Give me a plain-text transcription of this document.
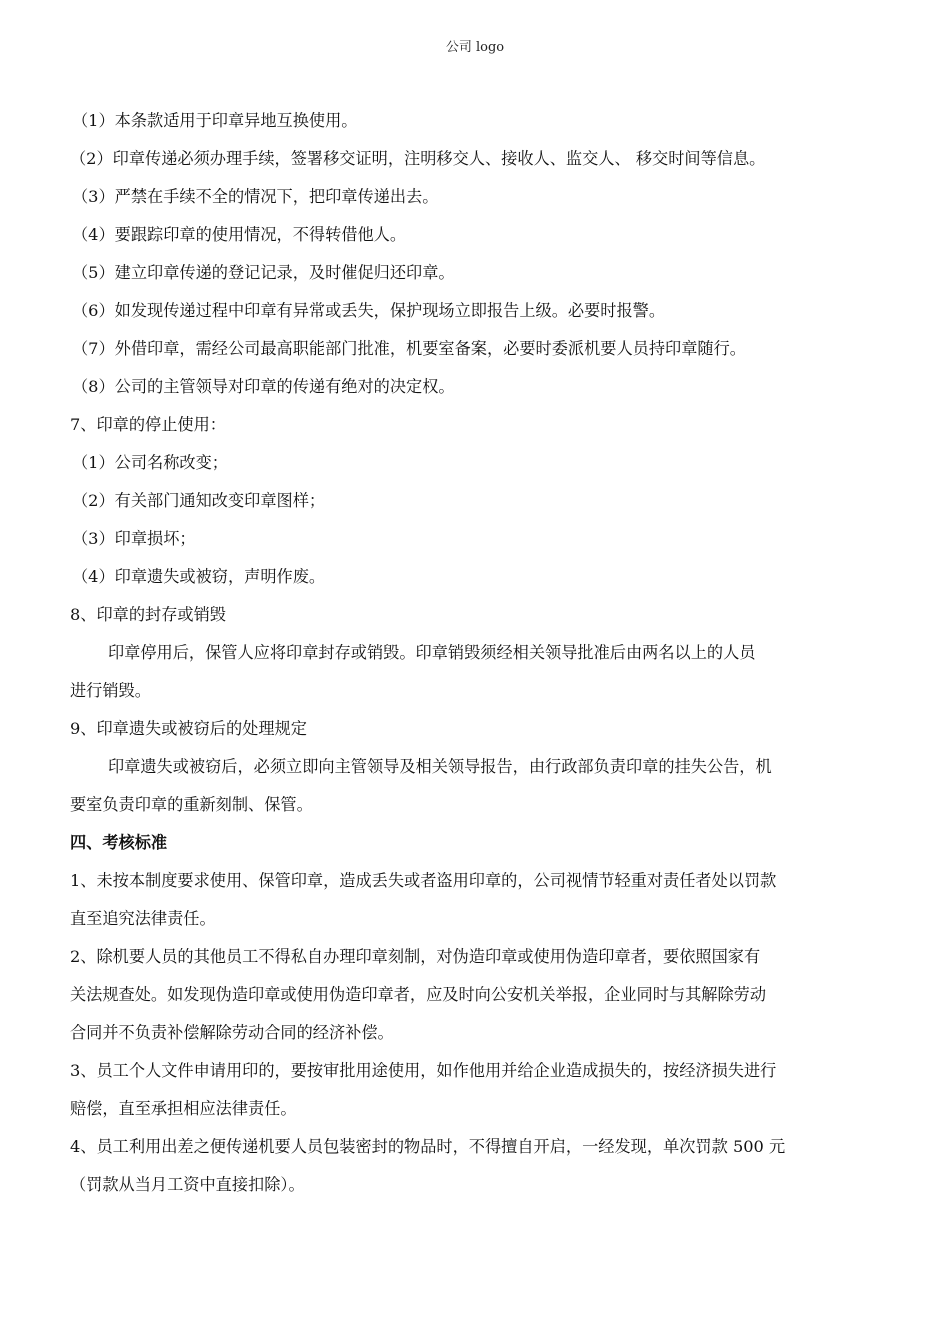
公司 logo
（1）本条款适用于印章异地互换使用。
（2）印章传递必须办理手续，签署移交证明，注明移交人、接收人、监交人、 移交时间等信息。
（3）严禁在手续不全的情况下，把印章传递出去。
（4）要跟踪印章的使用情况，不得转借他人。
（5）建立印章传递的登记记录，及时催促归还印章。
（6）如发现传递过程中印章有异常或丢失，保护现场立即报告上级。必要时报警。
（7）外借印章，需经公司最高职能部门批准，机要室备案，必要时委派机要人员持印章随行。
（8）公司的主管领导对印章的传递有绝对的决定权。
7、印章的停止使用：
（1）公司名称改变；
（2）有关部门通知改变印章图样；
（3）印章损坏；
（4）印章遗失或被窃，声明作废。
8、印章的封存或销毁
印章停用后，保管人应将印章封存或销毁。印章销毁须经相关领导批准后由两名以上的人员
进行销毁。
9、印章遗失或被窃后的处理规定
印章遗失或被窃后，必须立即向主管领导及相关领导报告，由行政部负责印章的挂失公告，机
要室负责印章的重新刻制、保管。
四、考核标准
1、未按本制度要求使用、保管印章，造成丢失或者盗用印章的，公司视情节轻重对责任者处以罚款
直至追究法律责任。
2、除机要人员的其他员工不得私自办理印章刻制，对伪造印章或使用伪造印章者，要依照国家有
关法规查处。如发现伪造印章或使用伪造印章者，应及时向公安机关举报，企业同时与其解除劳动
合同并不负责补偿解除劳动合同的经济补偿。
3、员工个人文件申请用印的，要按审批用途使用，如作他用并给企业造成损失的，按经济损失进行
赔偿，直至承担相应法律责任。
4、员工利用出差之便传递机要人员包装密封的物品时，不得擅自开启，一经发现，单次罚款 500 元
（罚款从当月工资中直接扣除）。
